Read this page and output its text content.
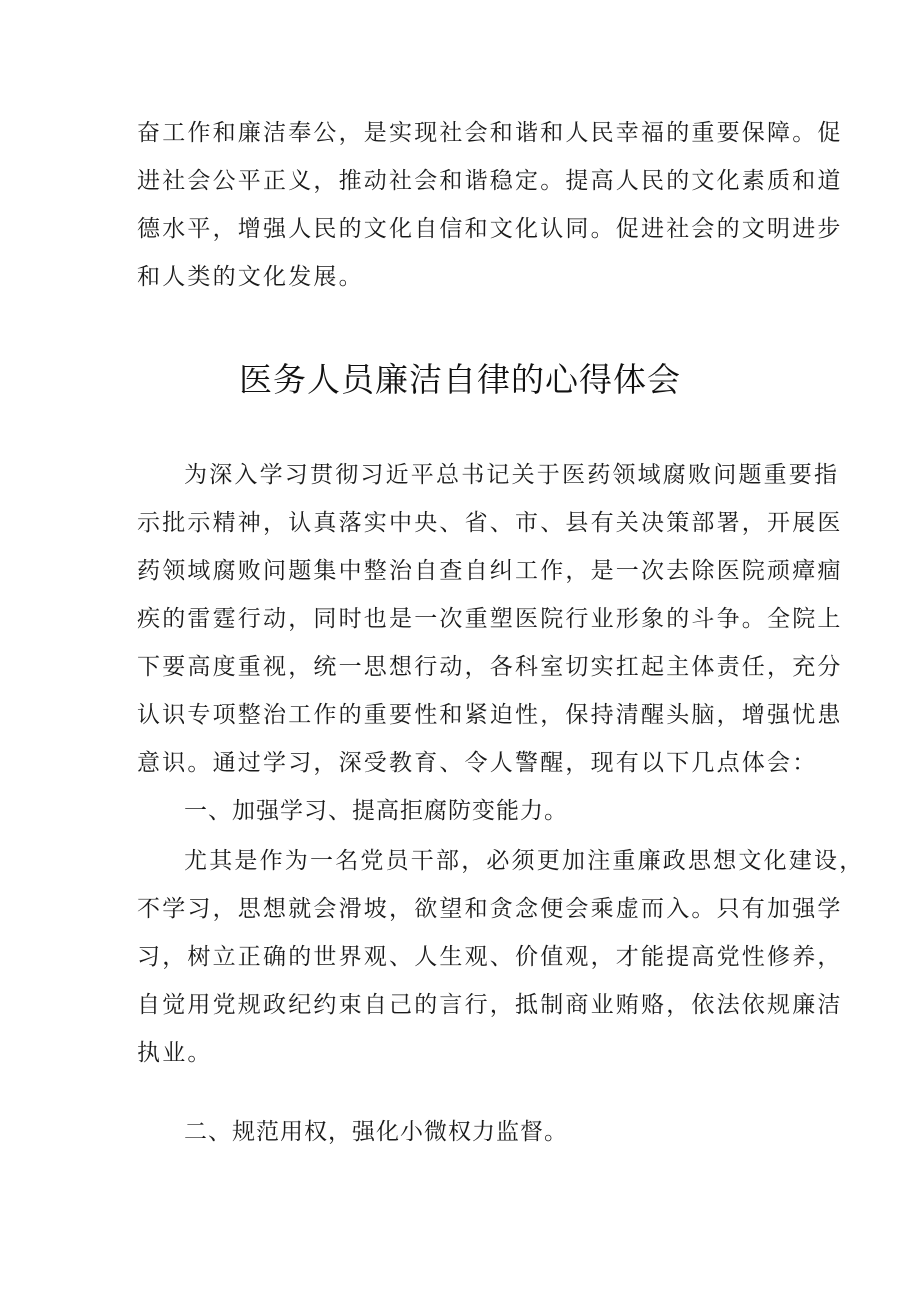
奋工作和廉洁奉公，是实现社会和谐和人民幸福的重要保障。促
进社会公平正义，推动社会和谐稳定。提高人民的文化素质和道
德水平，增强人民的文化自信和文化认同。促进社会的文明进步
和人类的文化发展。
医务人员廉洁自律的心得体会
为深入学习贯彻习近平总书记关于医药领域腐败问题重要指
示批示精神，认真落实中央、省、市、县有关决策部署，开展医
药领域腐败问题集中整治自查自纠工作，是一次去除医院顽瘴痼
疾的雷霆行动，同时也是一次重塑医院行业形象的斗争。全院上
下要高度重视，统一思想行动，各科室切实扛起主体责任，充分
认识专项整治工作的重要性和紧迫性，保持清醒头脑，增强忧患
意识。通过学习，深受教育、令人警醒，现有以下几点体会：
一、加强学习、提高拒腐防变能力。
尤其是作为一名党员干部，必须更加注重廉政思想文化建设，
不学习，思想就会滑坡，欲望和贪念便会乘虚而入。只有加强学
习，树立正确的世界观、人生观、价值观，才能提高党性修养，
自觉用党规政纪约束自己的言行，抵制商业贿赂，依法依规廉洁
执业。
二、规范用权，强化小微权力监督。
